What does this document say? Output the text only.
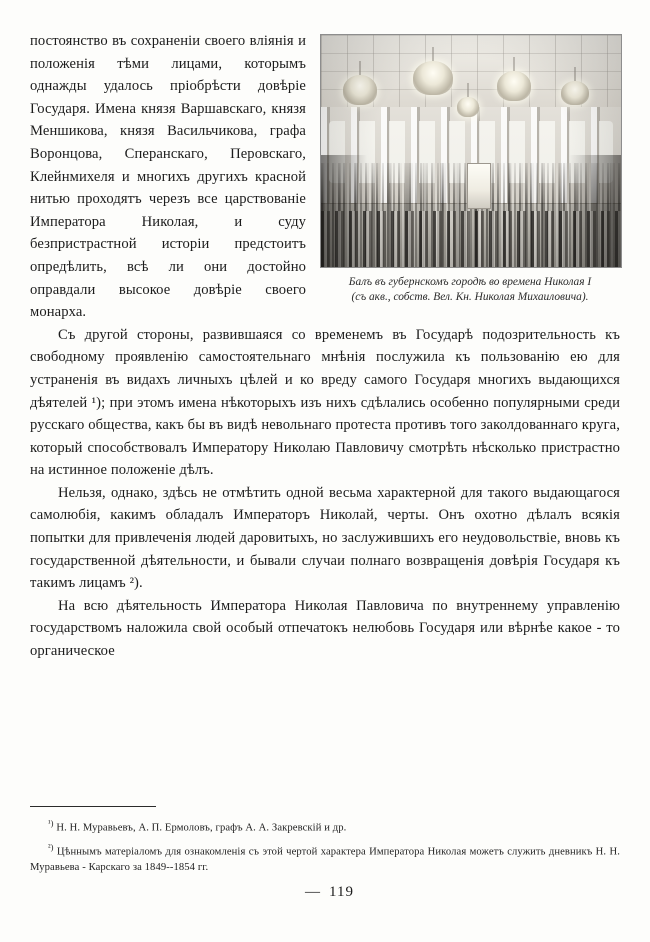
Балъ въ губернскомъ городѣ во времена Николая I
(съ акв., собств. Вел. Кн. Николая Михаиловича).

постоянство въ сохраненiи своего влiянiя и положенiя тѣми лицами, которымъ однажды удалось прiобрѣсти довѣрiе Государя. Имена князя Варшавскаго, князя Меншикова, князя Васильчикова, графа Воронцова, Сперанскаго, Перовскаго, Клейнмихеля и многихъ другихъ красной нитью проходятъ черезъ все царствованiе Императора Николая, и суду безпристрастной исторiи предстоитъ опредѣлить, всѣ ли они достойно оправдали высокое довѣрiе своего монарха.

Съ другой стороны, развившаяся со временемъ въ Государѣ подозрительность къ свободному проявленiю самостоятельнаго мнѣнiя послужила къ пользованiю ею для устраненiя въ видахъ личныхъ цѣлей и ко вреду самого Государя многихъ выдающихся дѣятелей ¹); при этомъ имена нѣкоторыхъ изъ нихъ сдѣлались особенно популярными среди русскаго общества, какъ бы въ видѣ невольнаго протеста противъ того заколдованнаго круга, который способствовалъ Императору Николаю Павловичу смотрѣть нѣсколько пристрастно на истинное положенiе дѣлъ.

Нельзя, однако, здѣсь не отмѣтить одной весьма характерной для такого выдающагося самолюбiя, какимъ обладалъ Императоръ Николай, черты. Онъ охотно дѣлалъ всякiя попытки для привлеченiя людей даровитыхъ, но заслужившихъ его неудовольствiе, вновь къ государственной дѣятельности, и бывали случаи полнаго возвращенiя довѣрiя Государя къ такимъ лицамъ ²).

На всю дѣятельность Императора Николая Павловича по внутреннему управленiю государствомъ наложила свой особый отпечатокъ нелюбовь Государя или вѣрнѣе какое - то органическое

$^{^1)}$ Н. Н. Муравьевъ, А. П. Ермоловъ, графъ А. А. Закревскiй и др.

$^{^2)}$ Цѣннымъ матерiаломъ для ознакомленiя съ этой чертой характера Императора Николая можетъ служить дневникъ Н. Н. Муравьева - Карскаго за 1849--1854 гг.

— 119
